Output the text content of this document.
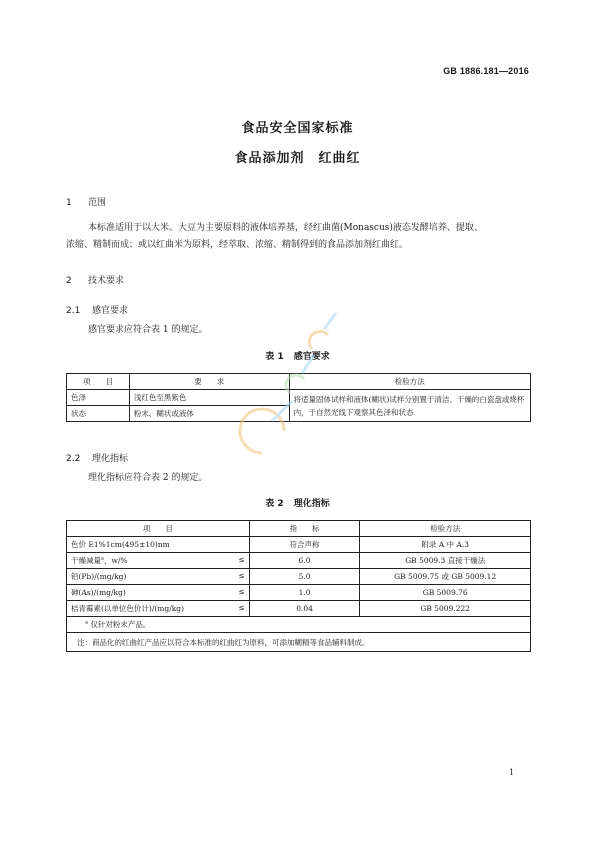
GB 1886.181—2016
食品安全国家标准
食品添加剂 红曲红
1 范围
本标准适用于以大米、大豆为主要原料的液体培养基，经红曲菌(Monascus)液态发酵培养、提取、
浓缩、精制而成；或以红曲米为原料，经萃取、浓缩、精制得到的食品添加剂红曲红。
2 技术要求
2.1 感官要求
感官要求应符合表 1 的规定。
表 1 感官要求
项　　目	要　　求	检验方法
色泽	浅红色至黑紫色	将适量固体试样和液体(糊状)试样分别置于清洁、干燥的白瓷盘或烧杯内，于自然光线下观察其色泽和状态
状态	粉末、糊状或液体	
2.2 理化指标
理化指标应符合表 2 的规定。
表 2 理化指标
项　　目	指　　标	检验方法
色价 E1%1cm(495±10)nm	符合声称	附录 A 中 A.3
干燥减量$^a$，w/% ≤	6.0	GB 5009.3 直接干燥法
铅(Pb)/(mg/kg) ≤	5.0	GB 5009.75 或 GB 5009.12
砷(As)/(mg/kg) ≤	1.0	GB 5009.76
桔青霉素(以单位色价计)/(mg/kg) ≤	0.04	GB 5009.222
$^a$ 仅针对粉末产品。		
注：商品化的红曲红产品应以符合本标准的红曲红为原料，可添加糊精等食品辅料制成。		
1
